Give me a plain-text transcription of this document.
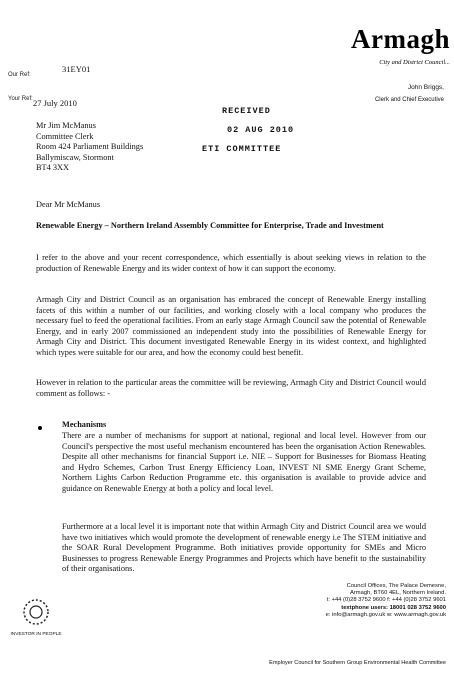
Armagh
City and District Council...
Our Ref:
31EY01
Your Ref: 27 July 2010
John Briggs,
Clerk and Chief Executive
RECEIVED
02 AUG 2010
ETI COMMITTEE
Mr Jim McManus
Committee Clerk
Room 424 Parliament Buildings
Ballymiscaw, Stormont
BT4 3XX
Dear Mr McManus
Renewable Energy – Northern Ireland Assembly Committee for Enterprise, Trade and Investment
I refer to the above and your recent correspondence, which essentially is about seeking views in relation to the production of Renewable Energy and its wider context of how it can support the economy.
Armagh City and District Council as an organisation has embraced the concept of Renewable Energy installing facets of this within a number of our facilities, and working closely with a local company who produces the necessary fuel to feed the operational facilities. From an early stage Armagh Council saw the potential of Renewable Energy, and in early 2007 commissioned an independent study into the possibilities of Renewable Energy for Armagh City and District. This document investigated Renewable Energy in its widest context, and highlighted which types were suitable for our area, and how the economy could best benefit.
However in relation to the particular areas the committee will be reviewing, Armagh City and District Council would comment as follows: -
Mechanisms
There are a number of mechanisms for support at national, regional and local level. However from our Council's perspective the most useful mechanism encountered has been the organisation Action Renewables. Despite all other mechanisms for financial Support i.e. NIE – Support for Businesses for Biomass Heating and Hydro Schemes, Carbon Trust Energy Efficiency Loan, INVEST NI SME Energy Grant Scheme, Northern Lights Carbon Reduction Programme etc. this organisation is available to provide advice and guidance on Renewable Energy at both a policy and local level.
Furthermore at a local level it is important note that within Armagh City and District Council area we would have two initiatives which would promote the development of renewable energy i.e The STEM initiative and the SOAR Rural Development Programme. Both initiatives provide opportunity for SMEs and Micro Businesses to progress Renewable Energy Programmes and Projects which have benefit to the sustainability of their organisations.
INVESTOR IN PEOPLE
Council Offices, The Palace Demesne,
Armagh, BT60 4EL, Northern Ireland.
t: +44 (0)28 3752 9600 f: +44 (0)28 3752 9601
textphone users: 18001 028 3752 9600
e: info@armagh.gov.uk w: www.armagh.gov.uk
Employer Council for Southern Group Environmental Health Committee
